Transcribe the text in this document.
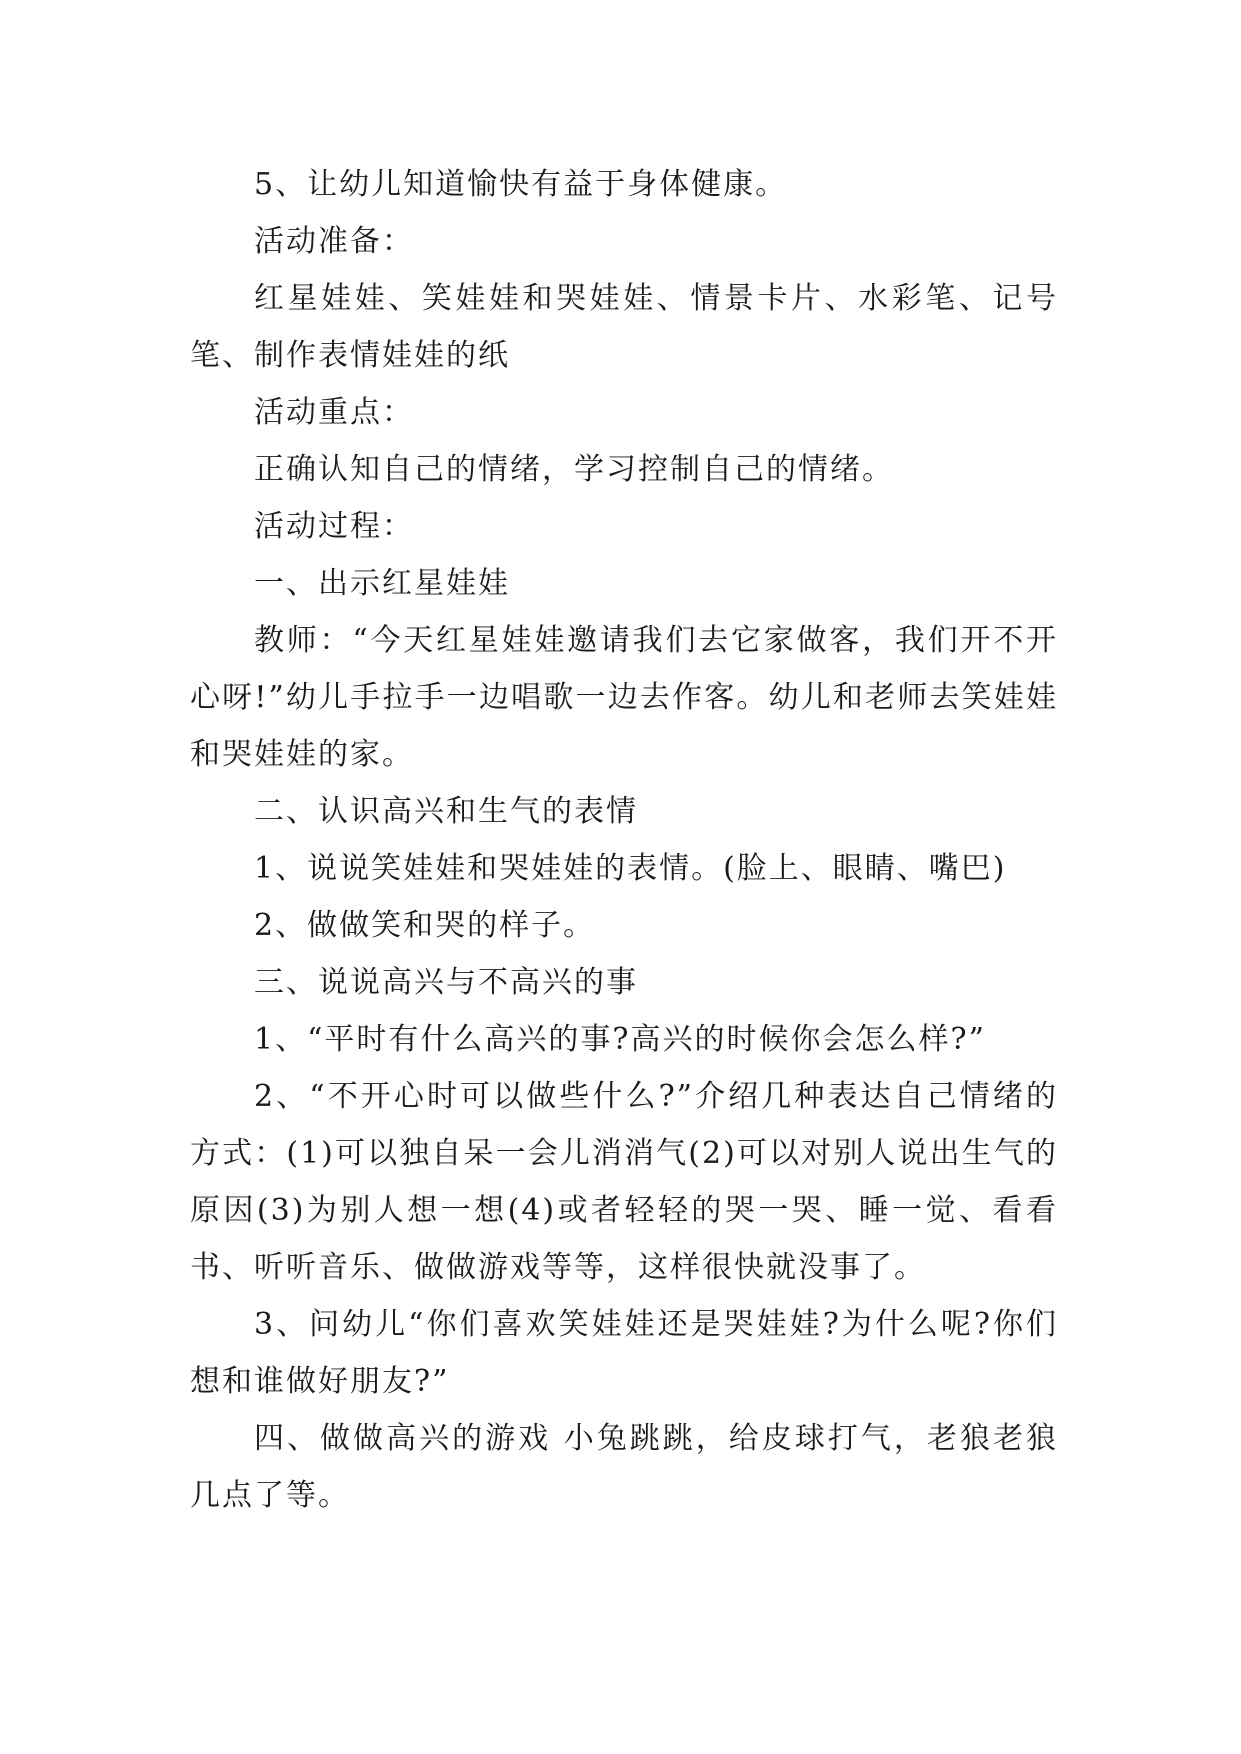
5、让幼儿知道愉快有益于身体健康。

活动准备：

红星娃娃、笑娃娃和哭娃娃、情景卡片、水彩笔、记号笔、制作表情娃娃的纸

活动重点：

正确认知自己的情绪，学习控制自己的情绪。

活动过程：

一、出示红星娃娃

教师：“今天红星娃娃邀请我们去它家做客，我们开不开心呀!”幼儿手拉手一边唱歌一边去作客。幼儿和老师去笑娃娃和哭娃娃的家。

二、认识高兴和生气的表情

1、说说笑娃娃和哭娃娃的表情。(脸上、眼睛、嘴巴)

2、做做笑和哭的样子。

三、说说高兴与不高兴的事

1、“平时有什么高兴的事?高兴的时候你会怎么样?”

2、“不开心时可以做些什么?”介绍几种表达自己情绪的方式：(1)可以独自呆一会儿消消气(2)可以对别人说出生气的原因(3)为别人想一想(4)或者轻轻的哭一哭、睡一觉、看看书、听听音乐、做做游戏等等，这样很快就没事了。

3、问幼儿“你们喜欢笑娃娃还是哭娃娃?为什么呢?你们想和谁做好朋友?”

四、做做高兴的游戏 小兔跳跳，给皮球打气，老狼老狼几点了等。
